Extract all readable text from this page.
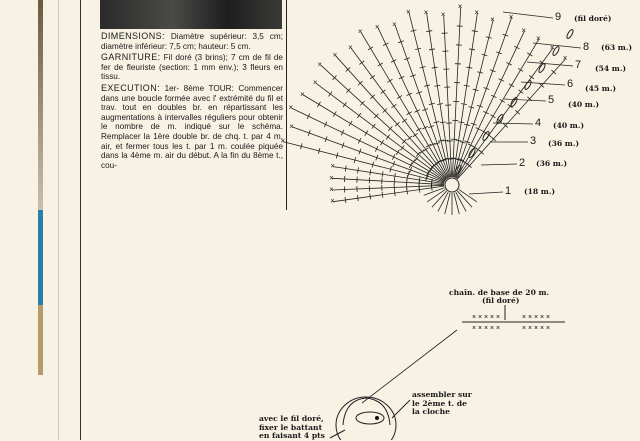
DIMENSIONS: Diamètre supérieur: 3,5 cm; diamètre inférieur: 7,5 cm; hauteur: 5 cm.

GARNITURE: Fil doré (3 brins); 7 cm de fil de fer de fleuriste (section: 1 mm env.); 3 fleurs en tissu.

EXECUTION: 1er- 8ème TOUR: Commencer dans une boucle formée avec l' extrémité du fil et trav. tout en doubles br. en répartissant les augmentations à intervalles réguliers pour obtenir le nombre de m. indiqué sur le schéma. Remplacer la 1ère double br. de chq. t. par 4 m. air, et fermer tous les t. par 1 m. coulée piquée dans la 4ème m. air du début. A la fin du 8ème t., cou-

×
×
×
×
×
×
×
×
×
×
×
×
×
× ×
× × ×
×
×
× ×
×
×
×
×
×
×
×
×
×
×
×
×
×
×
×
×
×
×
×
×
×
×
×
×
9 (fil doré)
8 (63 m.)
7 (54 m.)
6 (45 m.)
5 (40 m.)
4 (40 m.)
3 (36 m.)
2 (36 m.)
1 (18 m.)
chaîn. de base de 20 m.
(fil doré)
assembler sur
le 2ème t. de
la cloche
avec le fil doré,
fixer le battant
en faisant 4 pts
